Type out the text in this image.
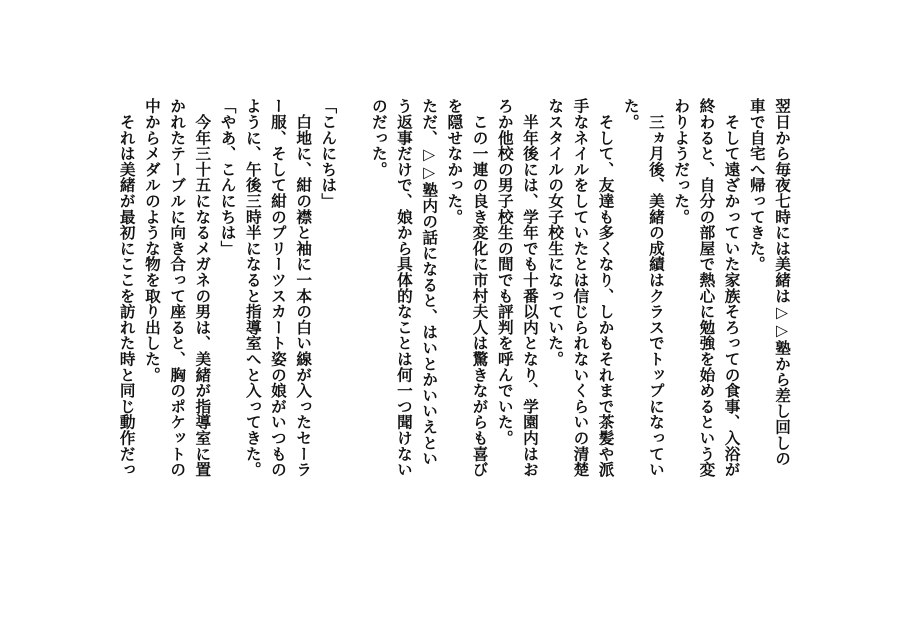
翌日から毎夜七時には美緒は▷▷塾から差し回しの
車で自宅へ帰ってきた。
　そして遠ざかっていた家族そろっての食事、入浴が
終わると、自分の部屋で熱心に勉強を始めるという変
わりようだった。
　三ヵ月後、美緒の成績はクラスでトップになってい
た。
　そして、友達も多くなり、しかもそれまで茶髪や派
手なネイルをしていたとは信じられないくらいの清楚
なスタイルの女子校生になっていた。
　半年後には、学年でも十番以内となり、学園内はお
ろか他校の男子校生の間でも評判を呼んでいた。
　この一連の良き変化に市村夫人は驚きながらも喜び
を隠せなかった。
ただ、▷▷塾内の話になると、はいとかいいえとい
う返事だけで、娘から具体的なことは何一つ聞けない
のだった。
「こんにちは」
　白地に、紺の襟と袖に一本の白い線が入ったセーラ
ー服、そして紺のプリーツスカート姿の娘がいつもの
ように、午後三時半になると指導室へと入ってきた。
「やあ、こんにちは」
　今年三十五になるメガネの男は、美緒が指導室に置
かれたテーブルに向き合って座ると、胸のポケットの
中からメダルのような物を取り出した。
　それは美緒が最初にここを訪れた時と同じ動作だっ
